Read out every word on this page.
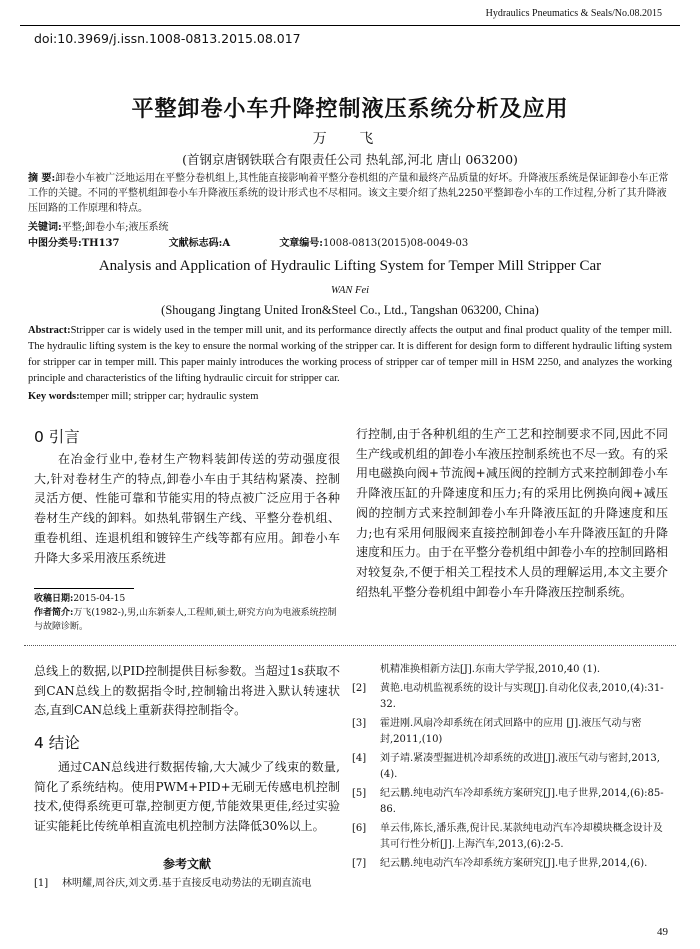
Hydraulics Pneumatics & Seals/No.08.2015
doi:10.3969/j.issn.1008-0813.2015.08.017
平整卸卷小车升降控制液压系统分析及应用
万 飞
(首钢京唐钢铁联合有限责任公司 热轧部,河北 唐山 063200)
摘 要:卸卷小车被广泛地运用在平整分卷机组上,其性能直接影响着平整分卷机组的产量和最终产品质量的好坏。升降液压系统是保证卸卷小车正常工作的关键。不同的平整机组卸卷小车升降液压系统的设计形式也不尽相同。该文主要介绍了热轧2250平整卸卷小车的工作过程,分析了其升降液压回路的工作原理和特点。
关键词:平整;卸卷小车;液压系统
中图分类号:TH137	文献标志码:A	文章编号:1008-0813(2015)08-0049-03
Analysis and Application of Hydraulic Lifting System for Temper Mill Stripper Car
WAN Fei
(Shougang Jingtang United Iron&Steel Co., Ltd., Tangshan 063200, China)
Abstract:Stripper car is widely used in the temper mill unit, and its performance directly affects the output and final product quality of the temper mill. The hydraulic lifting system is the key to ensure the normal working of the stripper car. It is different for design form to different hydraulic lifting system for stripper car in temper mill. This paper mainly introduces the working process of stripper car of temper mill in HSM 2250, and analyzes the working principle and characteristics of the lifting hydraulic circuit for stripper car.
Key words:temper mill; stripper car; hydraulic system
0 引言
在冶金行业中,卷材生产物料装卸传送的劳动强度很大,针对卷材生产的特点,卸卷小车由于其结构紧凑、控制灵活方便、性能可靠和节能实用的特点被广泛应用于各种卷材生产线的卸料。如热轧带钢生产线、平整分卷机组、重卷机组、连退机组和镀锌生产线等都有应用。卸卷小车升降大多采用液压系统进
收稿日期:2015-04-15
作者简介:万飞(1982-),男,山东新泰人,工程师,硕士,研究方向为电液系统控制与故障诊断。
行控制,由于各种机组的生产工艺和控制要求不同,因此不同生产线或机组的卸卷小车液压控制系统也不尽一致。有的采用电磁换向阀+节流阀+减压阀的控制方式来控制卸卷小车升降液压缸的升降速度和压力;有的采用比例换向阀+减压阀的控制方式来控制卸卷小车升降液压缸的升降速度和压力;也有采用伺服阀来直接控制卸卷小车升降液压缸的升降速度和压力。由于在平整分卷机组中卸卷小车的控制回路相对较复杂,不便于相关工程技术人员的理解运用,本文主要介绍热轧平整分卷机组中卸卷小车升降液压控制系统。
总线上的数据,以PID控制提供目标参数。当超过1s获取不到CAN总线上的数据指令时,控制输出将进入默认转速状态,直到CAN总线上重新获得控制指令。
4 结论
通过CAN总线进行数据传输,大大减少了线束的数量,简化了系统结构。使用PWM+PID+无刷无传感电机控制技术,使得系统更可靠,控制更方便,节能效果更佳,经过实验证实能耗比传统单相直流电机控制方法降低30%以上。
参考文献
[1] 林明耀,周谷庆,刘文勇.基于直接反电动势法的无刷直流电
机精准换相新方法[J].东南大学学报,2010,40 (1).
[2] 黄艳.电动机监视系统的设计与实现[J].自动化仪表,2010,(4):31-32.
[3] 霍进刚.风扇冷却系统在闭式回路中的应用 [J].液压气动与密封,2011,(10)
[4] 刘子靖.紧凑型掘进机冷却系统的改进[J].液压气动与密封,2013,(4).
[5] 纪云鹏.纯电动汽车冷却系统方案研究[J].电子世界,2014,(6):85-86.
[6] 单云伟,陈长,潘乐燕,倪计民.某款纯电动汽车冷却模块概念设计及其可行性分析[J].上海汽车,2013,(6):2-5.
[7] 纪云鹏.纯电动汽车冷却系统方案研究[J].电子世界,2014,(6).
49
